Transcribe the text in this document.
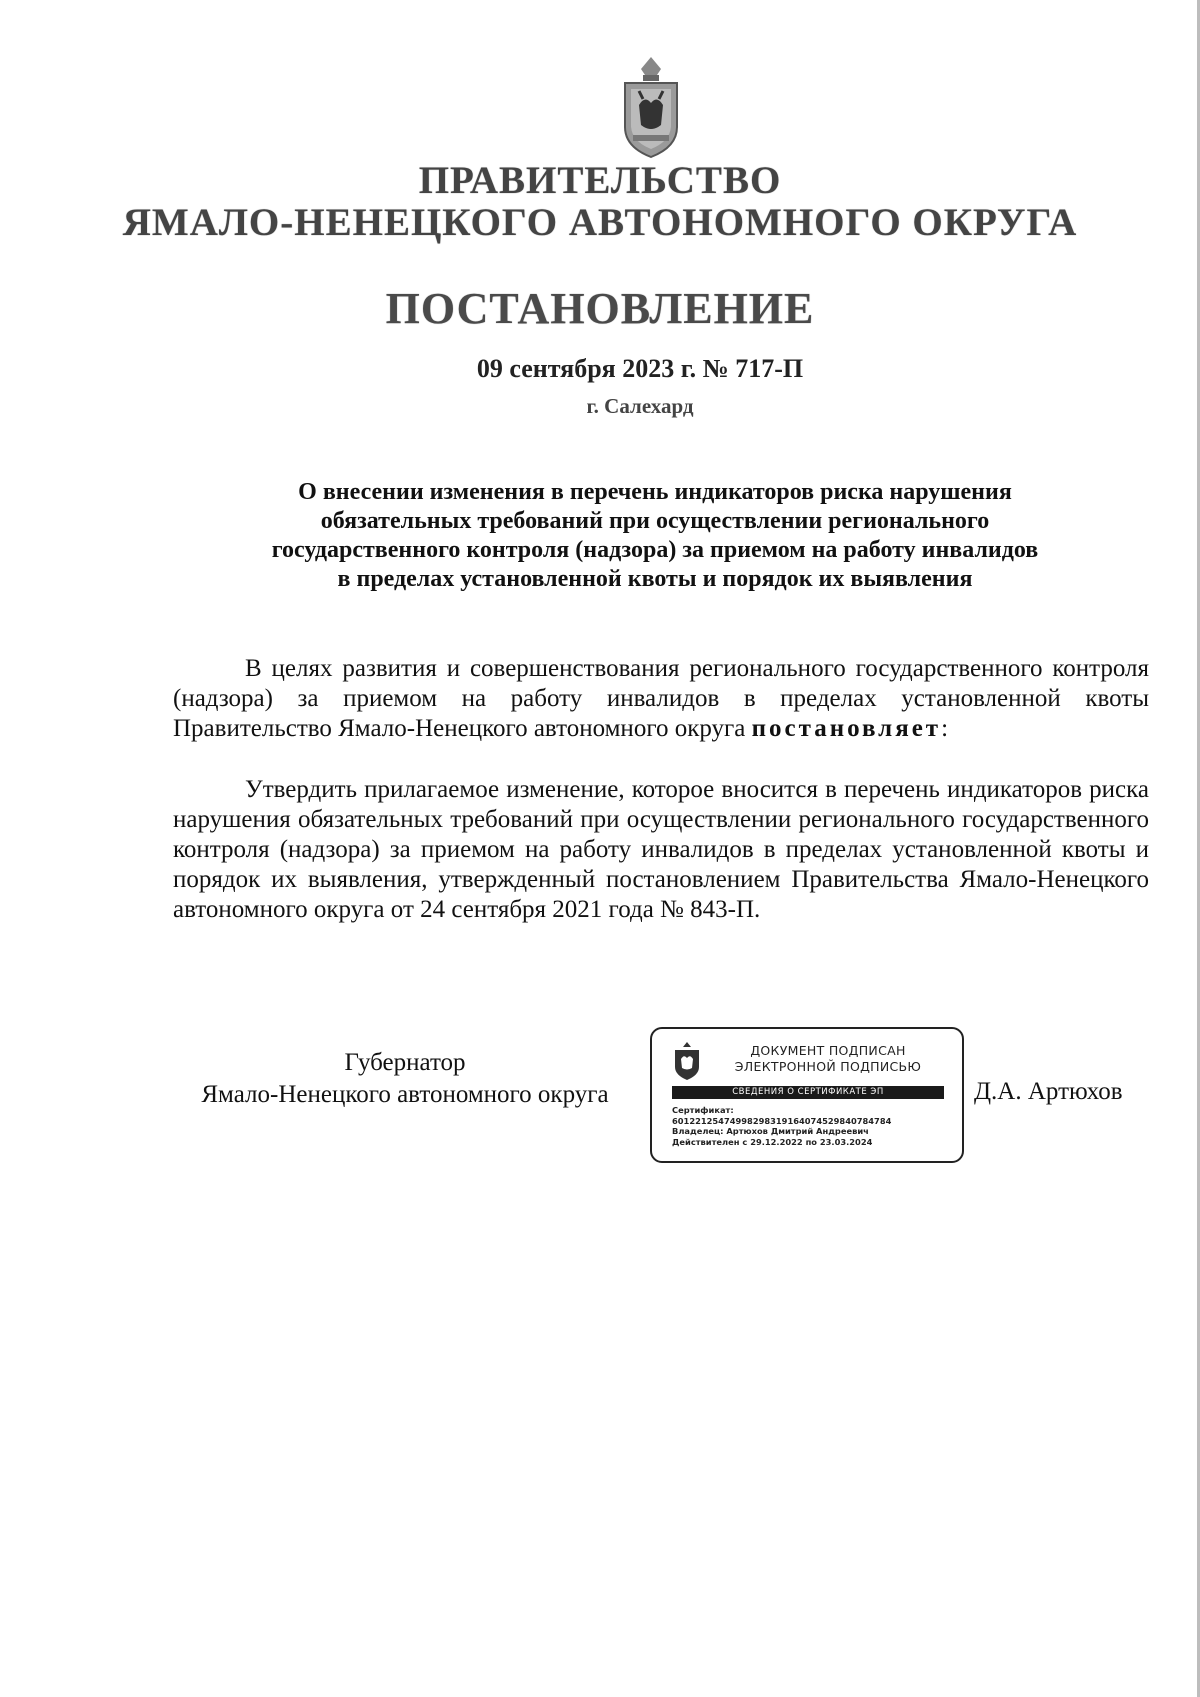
ПРАВИТЕЛЬСТВО
ЯМАЛО-НЕНЕЦКОГО АВТОНОМНОГО ОКРУГА
ПОСТАНОВЛЕНИЕ
09 сентября 2023 г. № 717-П
г. Салехард
О внесении изменения в перечень индикаторов риска нарушения
обязательных требований при осуществлении регионального
государственного контроля (надзора) за приемом на работу инвалидов
в пределах установленной квоты и порядок их выявления
В целях развития и совершенствования регионального государственного контроля (надзора) за приемом на работу инвалидов в пределах установленной квоты Правительство Ямало-Ненецкого автономного округа постановляет:
Утвердить прилагаемое изменение, которое вносится в перечень индикаторов риска нарушения обязательных требований при осуществлении регионального государственного контроля (надзора) за приемом на работу инвалидов в пределах установленной квоты и порядок их выявления, утвержденный постановлением Правительства Ямало-Ненецкого автономного округа от 24 сентября 2021 года № 843-П.
Губернатор
Ямало-Ненецкого автономного округа
ДОКУМЕНТ ПОДПИСАН
ЭЛЕКТРОННОЙ ПОДПИСЬЮ
СВЕДЕНИЯ О СЕРТИФИКАТЕ ЭП
Сертификат:
60122125474998298319164074529840784784
Владелец: Артюхов Дмитрий Андреевич
Действителен с 29.12.2022 по 23.03.2024
Д.А. Артюхов
